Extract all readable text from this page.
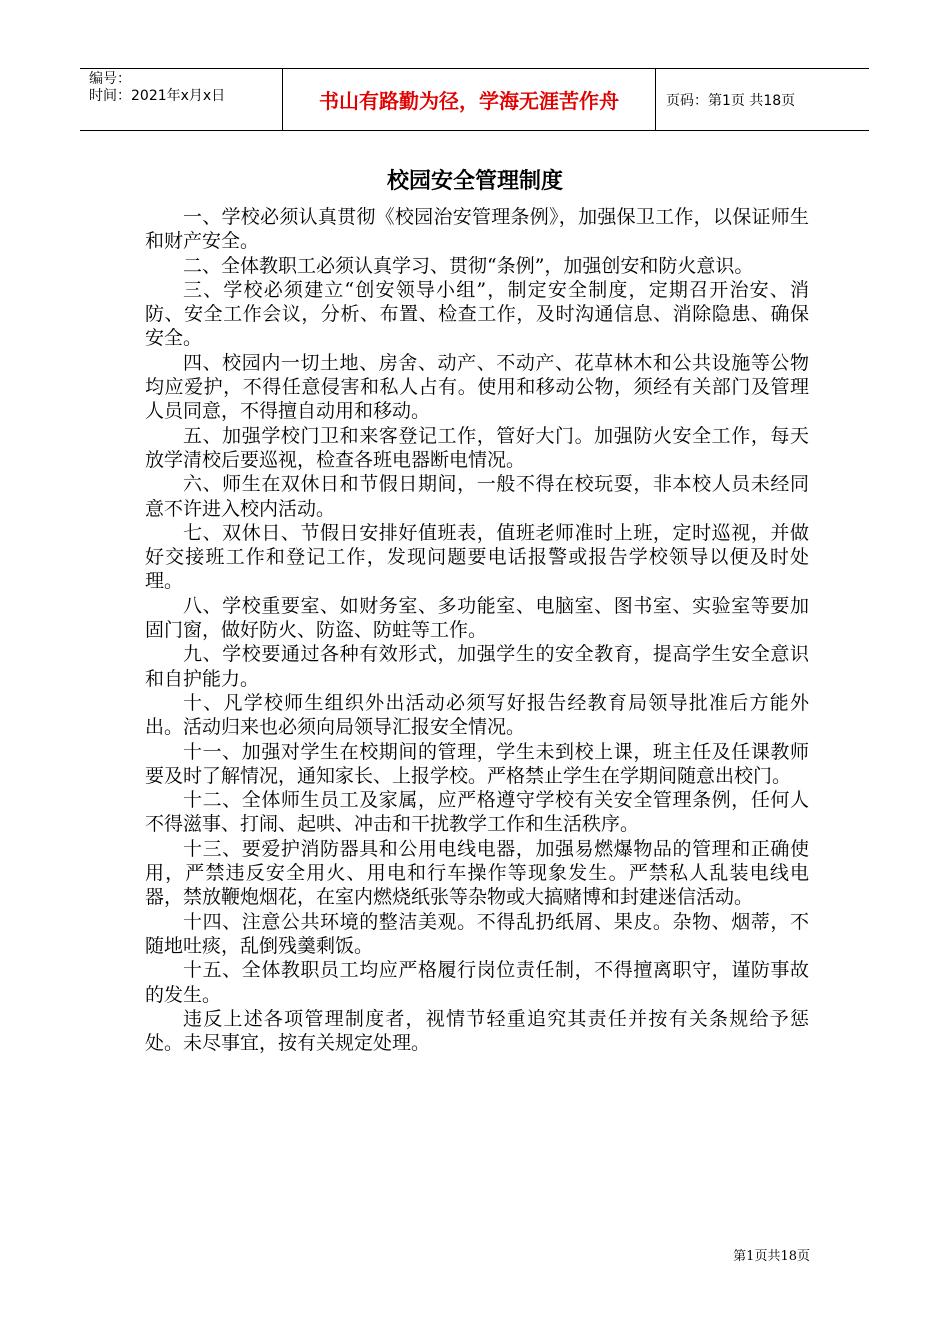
编号：
时间：2021年x月x日	书山有路勤为径，学海无涯苦作舟	页码：第1页 共18页
校园安全管理制度

一、学校必须认真贯彻《校园治安管理条例》，加强保卫工作，以保证师生和财产安全。

二、全体教职工必须认真学习、贯彻“条例”，加强创安和防火意识。

三、学校必须建立“创安领导小组”，制定安全制度，定期召开治安、消防、安全工作会议，分析、布置、检查工作，及时沟通信息、消除隐患、确保安全。

四、校园内一切土地、房舍、动产、不动产、花草林木和公共设施等公物均应爱护，不得任意侵害和私人占有。使用和移动公物，须经有关部门及管理人员同意，不得擅自动用和移动。

五、加强学校门卫和来客登记工作，管好大门。加强防火安全工作，每天放学清校后要巡视，检查各班电器断电情况。

六、师生在双休日和节假日期间，一般不得在校玩耍，非本校人员未经同意不许进入校内活动。

七、双休日、节假日安排好值班表，值班老师准时上班，定时巡视，并做好交接班工作和登记工作，发现问题要电话报警或报告学校领导以便及时处理。

八、学校重要室、如财务室、多功能室、电脑室、图书室、实验室等要加固门窗，做好防火、防盗、防蛀等工作。

九、学校要通过各种有效形式，加强学生的安全教育，提高学生安全意识和自护能力。

十、凡学校师生组织外出活动必须写好报告经教育局领导批准后方能外出。活动归来也必须向局领导汇报安全情况。

十一、加强对学生在校期间的管理，学生未到校上课，班主任及任课教师要及时了解情况，通知家长、上报学校。严格禁止学生在学期间随意出校门。

十二、全体师生员工及家属，应严格遵守学校有关安全管理条例，任何人不得滋事、打闹、起哄、冲击和干扰教学工作和生活秩序。

十三、要爱护消防器具和公用电线电器，加强易燃爆物品的管理和正确使用，严禁违反安全用火、用电和行车操作等现象发生。严禁私人乱装电线电器，禁放鞭炮烟花，在室内燃烧纸张等杂物或大搞赌博和封建迷信活动。

十四、注意公共环境的整洁美观。不得乱扔纸屑、果皮。杂物、烟蒂，不随地吐痰，乱倒残羹剩饭。

十五、全体教职员工均应严格履行岗位责任制，不得擅离职守，谨防事故的发生。

违反上述各项管理制度者，视情节轻重追究其责任并按有关条规给予惩处。未尽事宜，按有关规定处理。

第1页共18页
